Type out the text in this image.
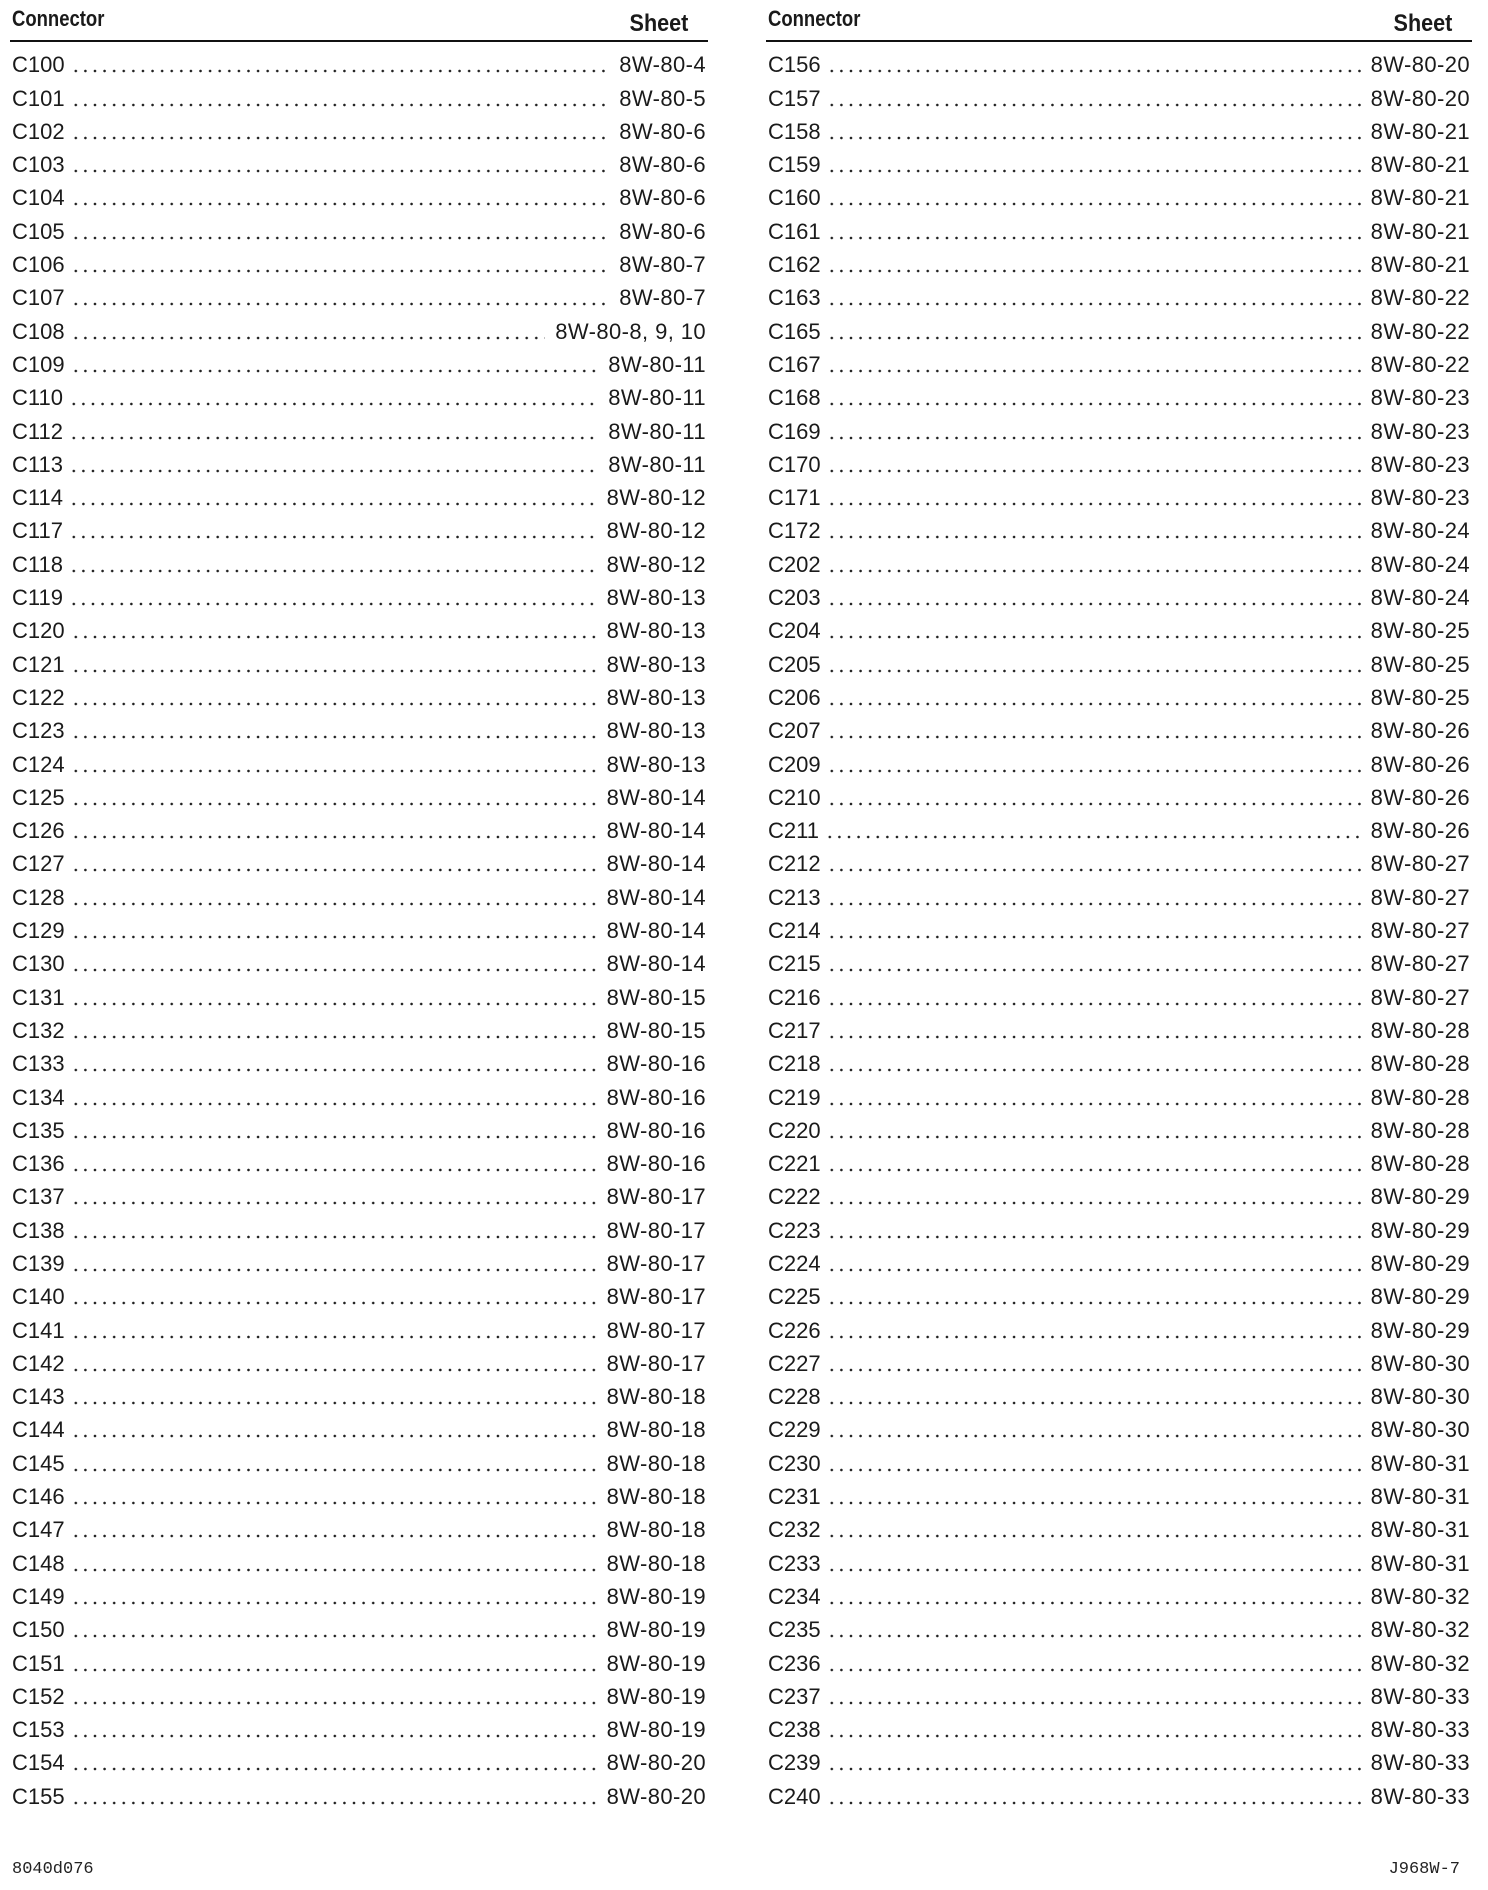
Connector	Sheet
C100	8W-80-4
C101	8W-80-5
C102	8W-80-6
C103	8W-80-6
C104	8W-80-6
C105	8W-80-6
C106	8W-80-7
C107	8W-80-7
C108	8W-80-8, 9, 10
C109	8W-80-11
C110	8W-80-11
C112	8W-80-11
C113	8W-80-11
C114	8W-80-12
C117	8W-80-12
C118	8W-80-12
C119	8W-80-13
C120	8W-80-13
C121	8W-80-13
C122	8W-80-13
C123	8W-80-13
C124	8W-80-13
C125	8W-80-14
C126	8W-80-14
C127	8W-80-14
C128	8W-80-14
C129	8W-80-14
C130	8W-80-14
C131	8W-80-15
C132	8W-80-15
C133	8W-80-16
C134	8W-80-16
C135	8W-80-16
C136	8W-80-16
C137	8W-80-17
C138	8W-80-17
C139	8W-80-17
C140	8W-80-17
C141	8W-80-17
C142	8W-80-17
C143	8W-80-18
C144	8W-80-18
C145	8W-80-18
C146	8W-80-18
C147	8W-80-18
C148	8W-80-18
C149	8W-80-19
C150	8W-80-19
C151	8W-80-19
C152	8W-80-19
C153	8W-80-19
C154	8W-80-20
C155	8W-80-20
Connector	Sheet
C156	8W-80-20
C157	8W-80-20
C158	8W-80-21
C159	8W-80-21
C160	8W-80-21
C161	8W-80-21
C162	8W-80-21
C163	8W-80-22
C165	8W-80-22
C167	8W-80-22
C168	8W-80-23
C169	8W-80-23
C170	8W-80-23
C171	8W-80-23
C172	8W-80-24
C202	8W-80-24
C203	8W-80-24
C204	8W-80-25
C205	8W-80-25
C206	8W-80-25
C207	8W-80-26
C209	8W-80-26
C210	8W-80-26
C211	8W-80-26
C212	8W-80-27
C213	8W-80-27
C214	8W-80-27
C215	8W-80-27
C216	8W-80-27
C217	8W-80-28
C218	8W-80-28
C219	8W-80-28
C220	8W-80-28
C221	8W-80-28
C222	8W-80-29
C223	8W-80-29
C224	8W-80-29
C225	8W-80-29
C226	8W-80-29
C227	8W-80-30
C228	8W-80-30
C229	8W-80-30
C230	8W-80-31
C231	8W-80-31
C232	8W-80-31
C233	8W-80-31
C234	8W-80-32
C235	8W-80-32
C236	8W-80-32
C237	8W-80-33
C238	8W-80-33
C239	8W-80-33
C240	8W-80-33
8040d076	J968W-7
